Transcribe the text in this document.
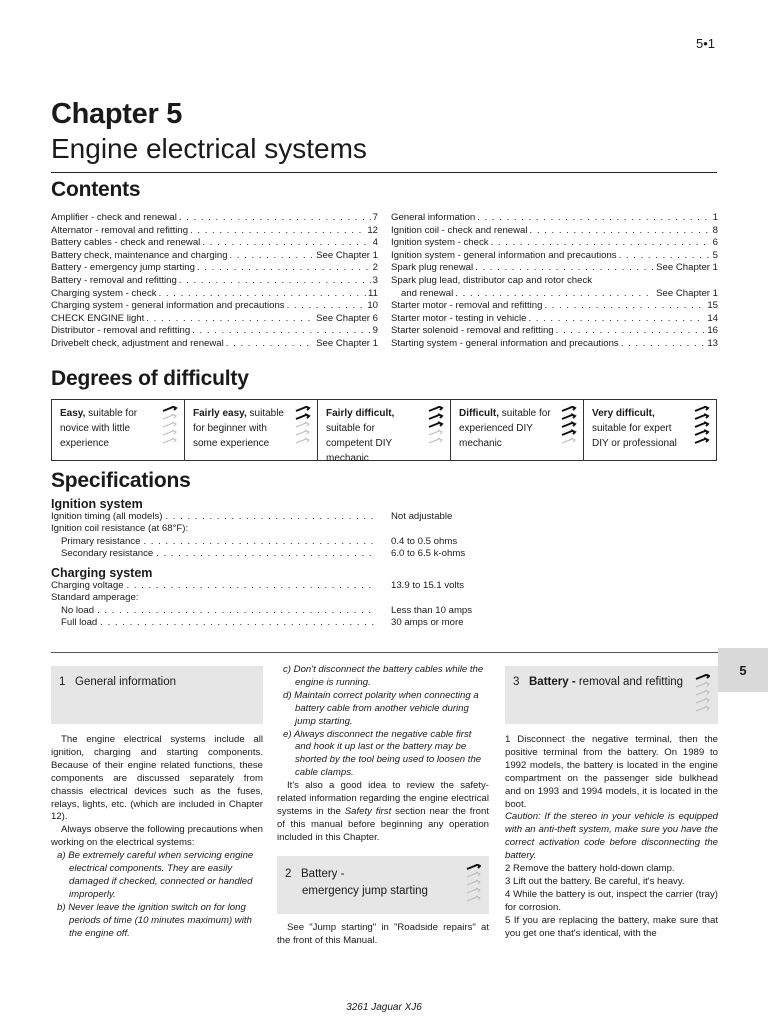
5•1
Chapter 5
Engine electrical systems
Contents
Amplifier - check and renewal . . .	7
Alternator - removal and refitting . . .	12
Battery cables - check and renewal . . .	4
Battery check, maintenance and charging . . .	See Chapter 1
Battery - emergency jump starting . . .	2
Battery - removal and refitting . . .	3
Charging system - check . . .	11
Charging system - general information and precautions . . .	10
CHECK ENGINE light . . .	See Chapter 6
Distributor - removal and refitting . . .	9
Drivebelt check, adjustment and renewal . . .	See Chapter 1
General information . . .	1
Ignition coil - check and renewal . . .	8
Ignition system - check . . .	6
Ignition system - general information and precautions . . .	5
Spark plug renewal . . .	See Chapter 1
Spark plug lead, distributor cap and rotor check
and renewal . . .	See Chapter 1
Starter motor - removal and refitting . . .	15
Starter motor - testing in vehicle . . .	14
Starter solenoid - removal and refitting . . .	16
Starting system - general information and precautions . . .	13
Degrees of difficulty
Easy, suitable for novice with little experience
Fairly easy, suitable for beginner with some experience
Fairly difficult, suitable for competent DIY mechanic
Difficult, suitable for experienced DIY mechanic
Very difficult, suitable for expert DIY or professional
Specifications
Ignition system
Ignition timing (all models) . . .	Not adjustable
Ignition coil resistance (at 68°F):
Primary resistance . . .	0.4 to 0.5 ohms
Secondary resistance . . .	6.0 to 6.5 k-ohms
Charging system
Charging voltage . . .	13.9 to 15.1 volts
Standard amperage:
No load . . .	Less than 10 amps
Full load . . .	30 amps or more
5
1 General information

The engine electrical systems include all ignition, charging and starting components. Because of their engine related functions, these components are discussed separately from chassis electrical devices such as the fuses, relays, lights, etc. (which are included in Chapter 12).

Always observe the following precautions when working on the electrical systems:

a) Be extremely careful when servicing engine electrical components. They are easily damaged if checked, connected or handled improperly.

b) Never leave the ignition switch on for long periods of time (10 minutes maximum) with the engine off.

c) Don't disconnect the battery cables while the engine is running.

d) Maintain correct polarity when connecting a battery cable from another vehicle during jump starting.

e) Always disconnect the negative cable first and hook it up last or the battery may be shorted by the tool being used to loosen the cable clamps.

It's also a good idea to review the safety-related information regarding the engine electrical systems in the Safety first section near the front of this manual before beginning any operation included in this Chapter.

2 Battery -
emergency jump starting

See "Jump starting" in "Roadside repairs" at the front of this Manual.

3 Battery - removal and refitting

1 Disconnect the negative terminal, then the positive terminal from the battery. On 1989 to 1992 models, the battery is located in the engine compartment on the passenger side bulkhead and on 1993 and 1994 models, it is located in the boot.

Caution: If the stereo in your vehicle is equipped with an anti-theft system, make sure you have the correct activation code before disconnecting the battery.

2 Remove the battery hold-down clamp.

3 Lift out the battery. Be careful, it's heavy.

4 While the battery is out, inspect the carrier (tray) for corrosion.

5 If you are replacing the battery, make sure that you get one that's identical, with the

3261 Jaguar XJ6
